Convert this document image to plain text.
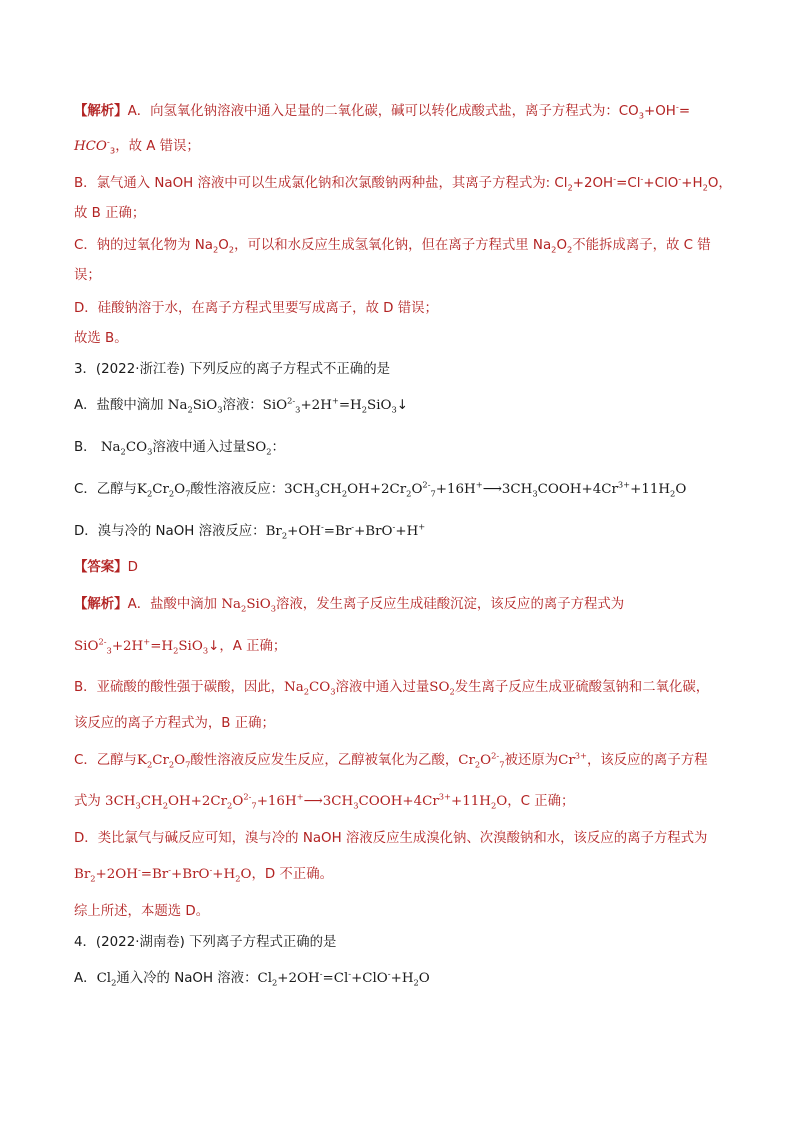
【解析】A．向氢氧化钠溶液中通入足量的二氧化碳，碱可以转化成酸式盐，离子方程式为：$CO_3+OH^-=$
$HCO^-_3$，故 A 错误；
B．氯气通入 NaOH 溶液中可以生成氯化钠和次氯酸钠两种盐，其离子方程式为: $Cl_2+2OH^-=Cl^-+ClO^-+H_2O$，
故 B 正确；
C．钠的过氧化物为 $Na_2O_2$，可以和水反应生成氢氧化钠，但在离子方程式里 $Na_2O_2$不能拆成离子，故 C 错
误；
D．硅酸钠溶于水，在离子方程式里要写成离子，故 D 错误；
故选 B。
3．(2022·浙江卷) 下列反应的离子方程式不正确的是
A．盐酸中滴加 $Na_2SiO_3$溶液：$SiO^{2-}_3+2H^+=H_2SiO_3↓$
B． $Na_2CO_3$溶液中通入过量$SO_2$：
C．乙醇与$K_2Cr_2O_7$酸性溶液反应：$3CH_3CH_2OH+2Cr_2O^{2-}_7+16H^+⟶3CH_3COOH+4Cr^{3+}+11H_2O$
D．溴与冷的 NaOH 溶液反应：$Br_2+OH^-=Br^-+BrO^-+H^+$
【答案】D
【解析】A．盐酸中滴加 $Na_2SiO_3$溶液，发生离子反应生成硅酸沉淀，该反应的离子方程式为
$SiO^{2-}_3+2H^+=H_2SiO_3↓$，A 正确；
B．亚硫酸的酸性强于碳酸，因此，$Na_2CO_3$溶液中通入过量$SO_2$发生离子反应生成亚硫酸氢钠和二氧化碳，
该反应的离子方程式为，B 正确；
C．乙醇与$K_2Cr_2O_7$酸性溶液反应发生反应，乙醇被氧化为乙酸，$Cr_2O^{2-}_7$被还原为$Cr^{3+}$，该反应的离子方程
式为 $3CH_3CH_2OH+2Cr_2O^{2-}_7+16H^+⟶3CH_3COOH+4Cr^{3+}+11H_2O$，C 正确；
D．类比氯气与碱反应可知，溴与冷的 NaOH 溶液反应生成溴化钠、次溴酸钠和水，该反应的离子方程式为
$Br_2+2OH^-=Br^-+BrO^-+H_2O$，D 不正确。
综上所述，本题选 D。
4．(2022·湖南卷) 下列离子方程式正确的是
A．$Cl_2$通入冷的 NaOH 溶液：$Cl_2+2OH^-=Cl^-+ClO^-+H_2O$
